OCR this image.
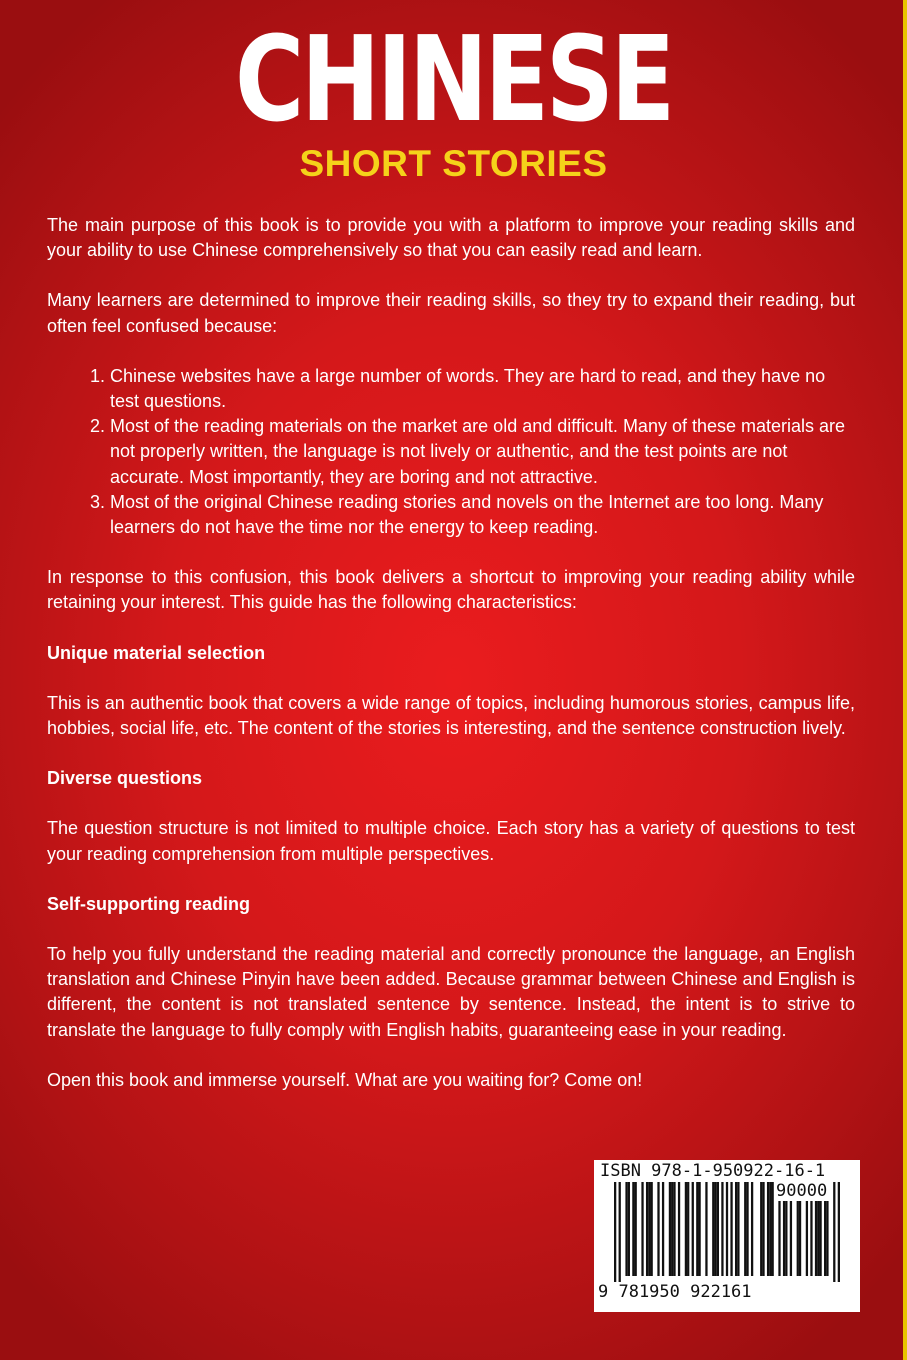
CHINESE
SHORT STORIES

The main purpose of this book is to provide you with a platform to improve your reading skills and your ability to use Chinese comprehensively so that you can easily read and learn.

Many learners are determined to improve their reading skills, so they try to expand their reading, but often feel confused because:

1. Chinese websites have a large number of words. They are hard to read, and they have no test questions.
2. Most of the reading materials on the market are old and difficult. Many of these materials are not properly written, the language is not lively or authentic, and the test points are not accurate. Most importantly, they are boring and not attractive.
3. Most of the original Chinese reading stories and novels on the Internet are too long. Many learners do not have the time nor the energy to keep reading.

In response to this confusion, this book delivers a shortcut to improving your reading ability while retaining your interest. This guide has the following characteristics:

Unique material selection

This is an authentic book that covers a wide range of topics, including humorous stories, campus life, hobbies, social life, etc. The content of the stories is interesting, and the sentence construction lively.

Diverse questions

The question structure is not limited to multiple choice. Each story has a variety of questions to test your reading comprehension from multiple perspectives.

Self-supporting reading

To help you fully understand the reading material and correctly pronounce the language, an English translation and Chinese Pinyin have been added. Because grammar between Chinese and English is different, the content is not translated sentence by sentence. Instead, the intent is to strive to translate the language to fully comply with English habits, guaranteeing ease in your reading.

Open this book and immerse yourself. What are you waiting for? Come on!

ISBN 978-1-950922-16-1
90000
9 781950 922161
